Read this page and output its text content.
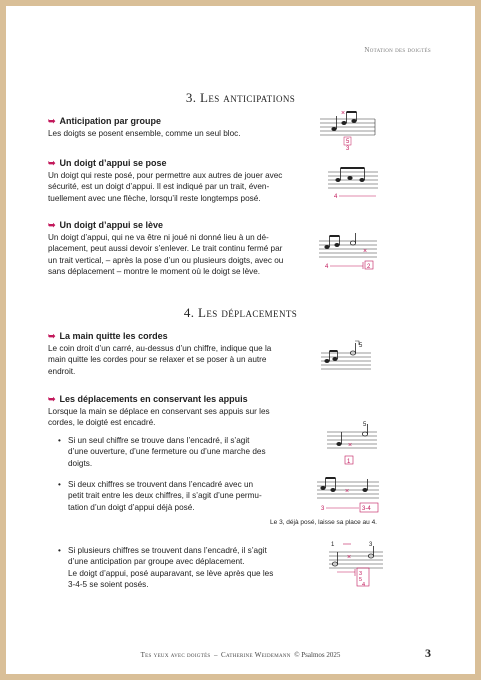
Notation des doigtés
3. Les anticipations
➥ Anticipation par groupe
Les doigts se posent ensemble, comme un seul bloc.
➥ Un doigt d’appui se pose
Un doigt qui reste posé, pour permettre aux autres de jouer avec
sécurité, est un doigt d’appui. Il est indiqué par un trait, éven-
tuellement avec une flèche, lorsqu’il reste longtemps posé.
➥ Un doigt d’appui se lève
Un doigt d’appui, qui ne va être ni joué ni donné lieu à un dé-
placement, peut aussi devoir s’enlever. Le trait continu fermé par
un trait vertical, – après la pose d’un ou plusieurs doigts, avec ou
sans déplacement – montre le moment où le doigt se lève.
4. Les déplacements
➥ La main quitte les cordes
Le coin droit d’un carré, au-dessus d’un chiffre, indique que la
main quitte les cordes pour se relaxer et se poser à un autre
endroit.
➥ Les déplacements en conservant les appuis
Lorsque la main se déplace en conservant ses appuis sur les
cordes, le doigté est encadré.
• Si un seul chiffre se trouve dans l’encadré, il s’agit
d’une ouverture, d’une fermeture ou d’une marche des
doigts.
• Si deux chiffres se trouvent dans l’encadré avec un
petit trait entre les deux chiffres, il s’agit d’une permu-
tation d’un doigt d’appui déjà posé.
Le 3, déjà posé, laisse sa place au 4.
• Si plusieurs chiffres se trouvent dans l’encadré, il s’agit
d’une anticipation par groupe avec déplacement.
Le doigt d’appui, posé auparavant, se lève après que les
3-4-5 se soient posés.
×
5
3
4
×
4	2
5
×
5
1
×
3	3-4
1	3
×
3
5
4
Tes yeux avec doigtés – Catherine Weidemann © Psalmos 2025	3
